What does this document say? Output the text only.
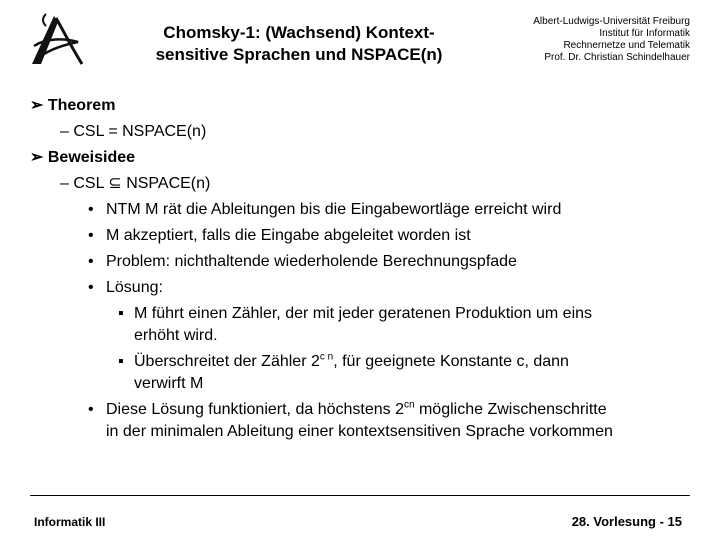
Chomsky-1: (Wachsend) Kontext-
sensitive Sprachen und NSPACE(n)
Albert-Ludwigs-Universität Freiburg
Institut für Informatik
Rechnernetze und Telematik
Prof. Dr. Christian Schindelhauer
➢ Theorem
– CSL = NSPACE(n)
➢ Beweisidee
– CSL ⊆ NSPACE(n)
• NTM M rät die Ableitungen bis die Eingabewortläge erreicht wird
• M akzeptiert, falls die Eingabe abgeleitet worden ist
• Problem: nichthaltende wiederholende Berechnungspfade
• Lösung:
▪ M führt einen Zähler, der mit jeder geratenen Produktion um eins
erhöht wird.
▪ Überschreitet der Zähler $2^{c n}$, für geeignete Konstante c, dann
verwirft M
• Diese Lösung funktioniert, da höchstens $2^{cn}$ mögliche Zwischenschritte
in der minimalen Ableitung einer kontextsensitiven Sprache vorkommen
Informatik III	28. Vorlesung - 15
